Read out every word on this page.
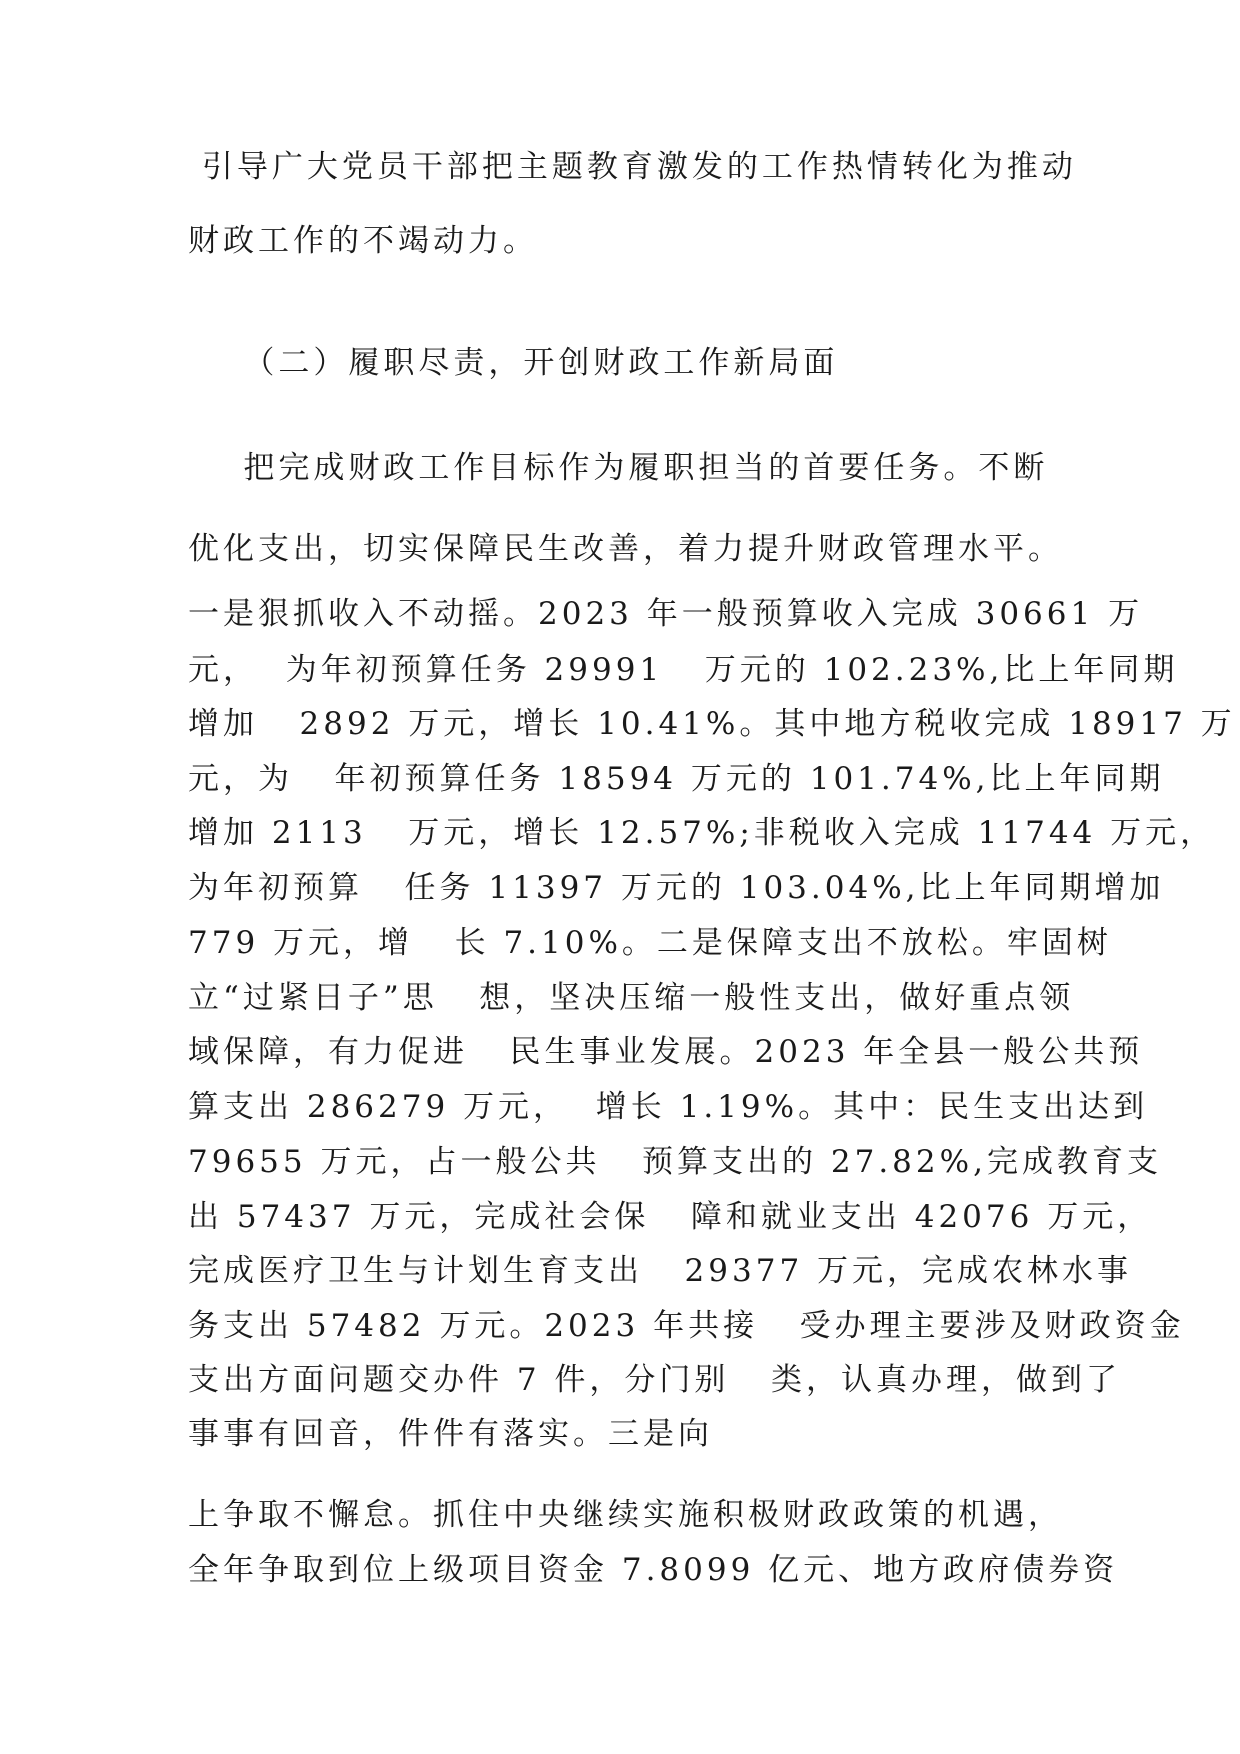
引导广大党员干部把主题教育激发的工作热情转化为推动
财政工作的不竭动力。
（二）履职尽责，开创财政工作新局面
把完成财政工作目标作为履职担当的首要任务。不断
优化支出，切实保障民生改善，着力提升财政管理水平。
一是狠抓收入不动摇。2023 年一般预算收入完成 30661 万
元，  为年初预算任务 29991   万元的 102.23%,比上年同期
增加   2892 万元，增长 10.41%。其中地方税收完成 18917 万
元，为   年初预算任务 18594 万元的 101.74%,比上年同期
增加 2113   万元，增长 12.57%;非税收入完成 11744 万元，
为年初预算   任务 11397 万元的 103.04%,比上年同期增加
779 万元，增   长 7.10%。二是保障支出不放松。牢固树
立“过紧日子”思   想，坚决压缩一般性支出，做好重点领
域保障，有力促进   民生事业发展。2023 年全县一般公共预
算支出 286279 万元，  增长 1.19%。其中：民生支出达到
79655 万元，占一般公共   预算支出的 27.82%,完成教育支
出 57437 万元，完成社会保   障和就业支出 42076 万元，
完成医疗卫生与计划生育支出   29377 万元，完成农林水事
务支出 57482 万元。2023 年共接   受办理主要涉及财政资金
支出方面问题交办件 7 件，分门别   类，认真办理，做到了
事事有回音，件件有落实。三是向
上争取不懈怠。抓住中央继续实施积极财政政策的机遇，
全年争取到位上级项目资金 7.8099 亿元、地方政府债券资
